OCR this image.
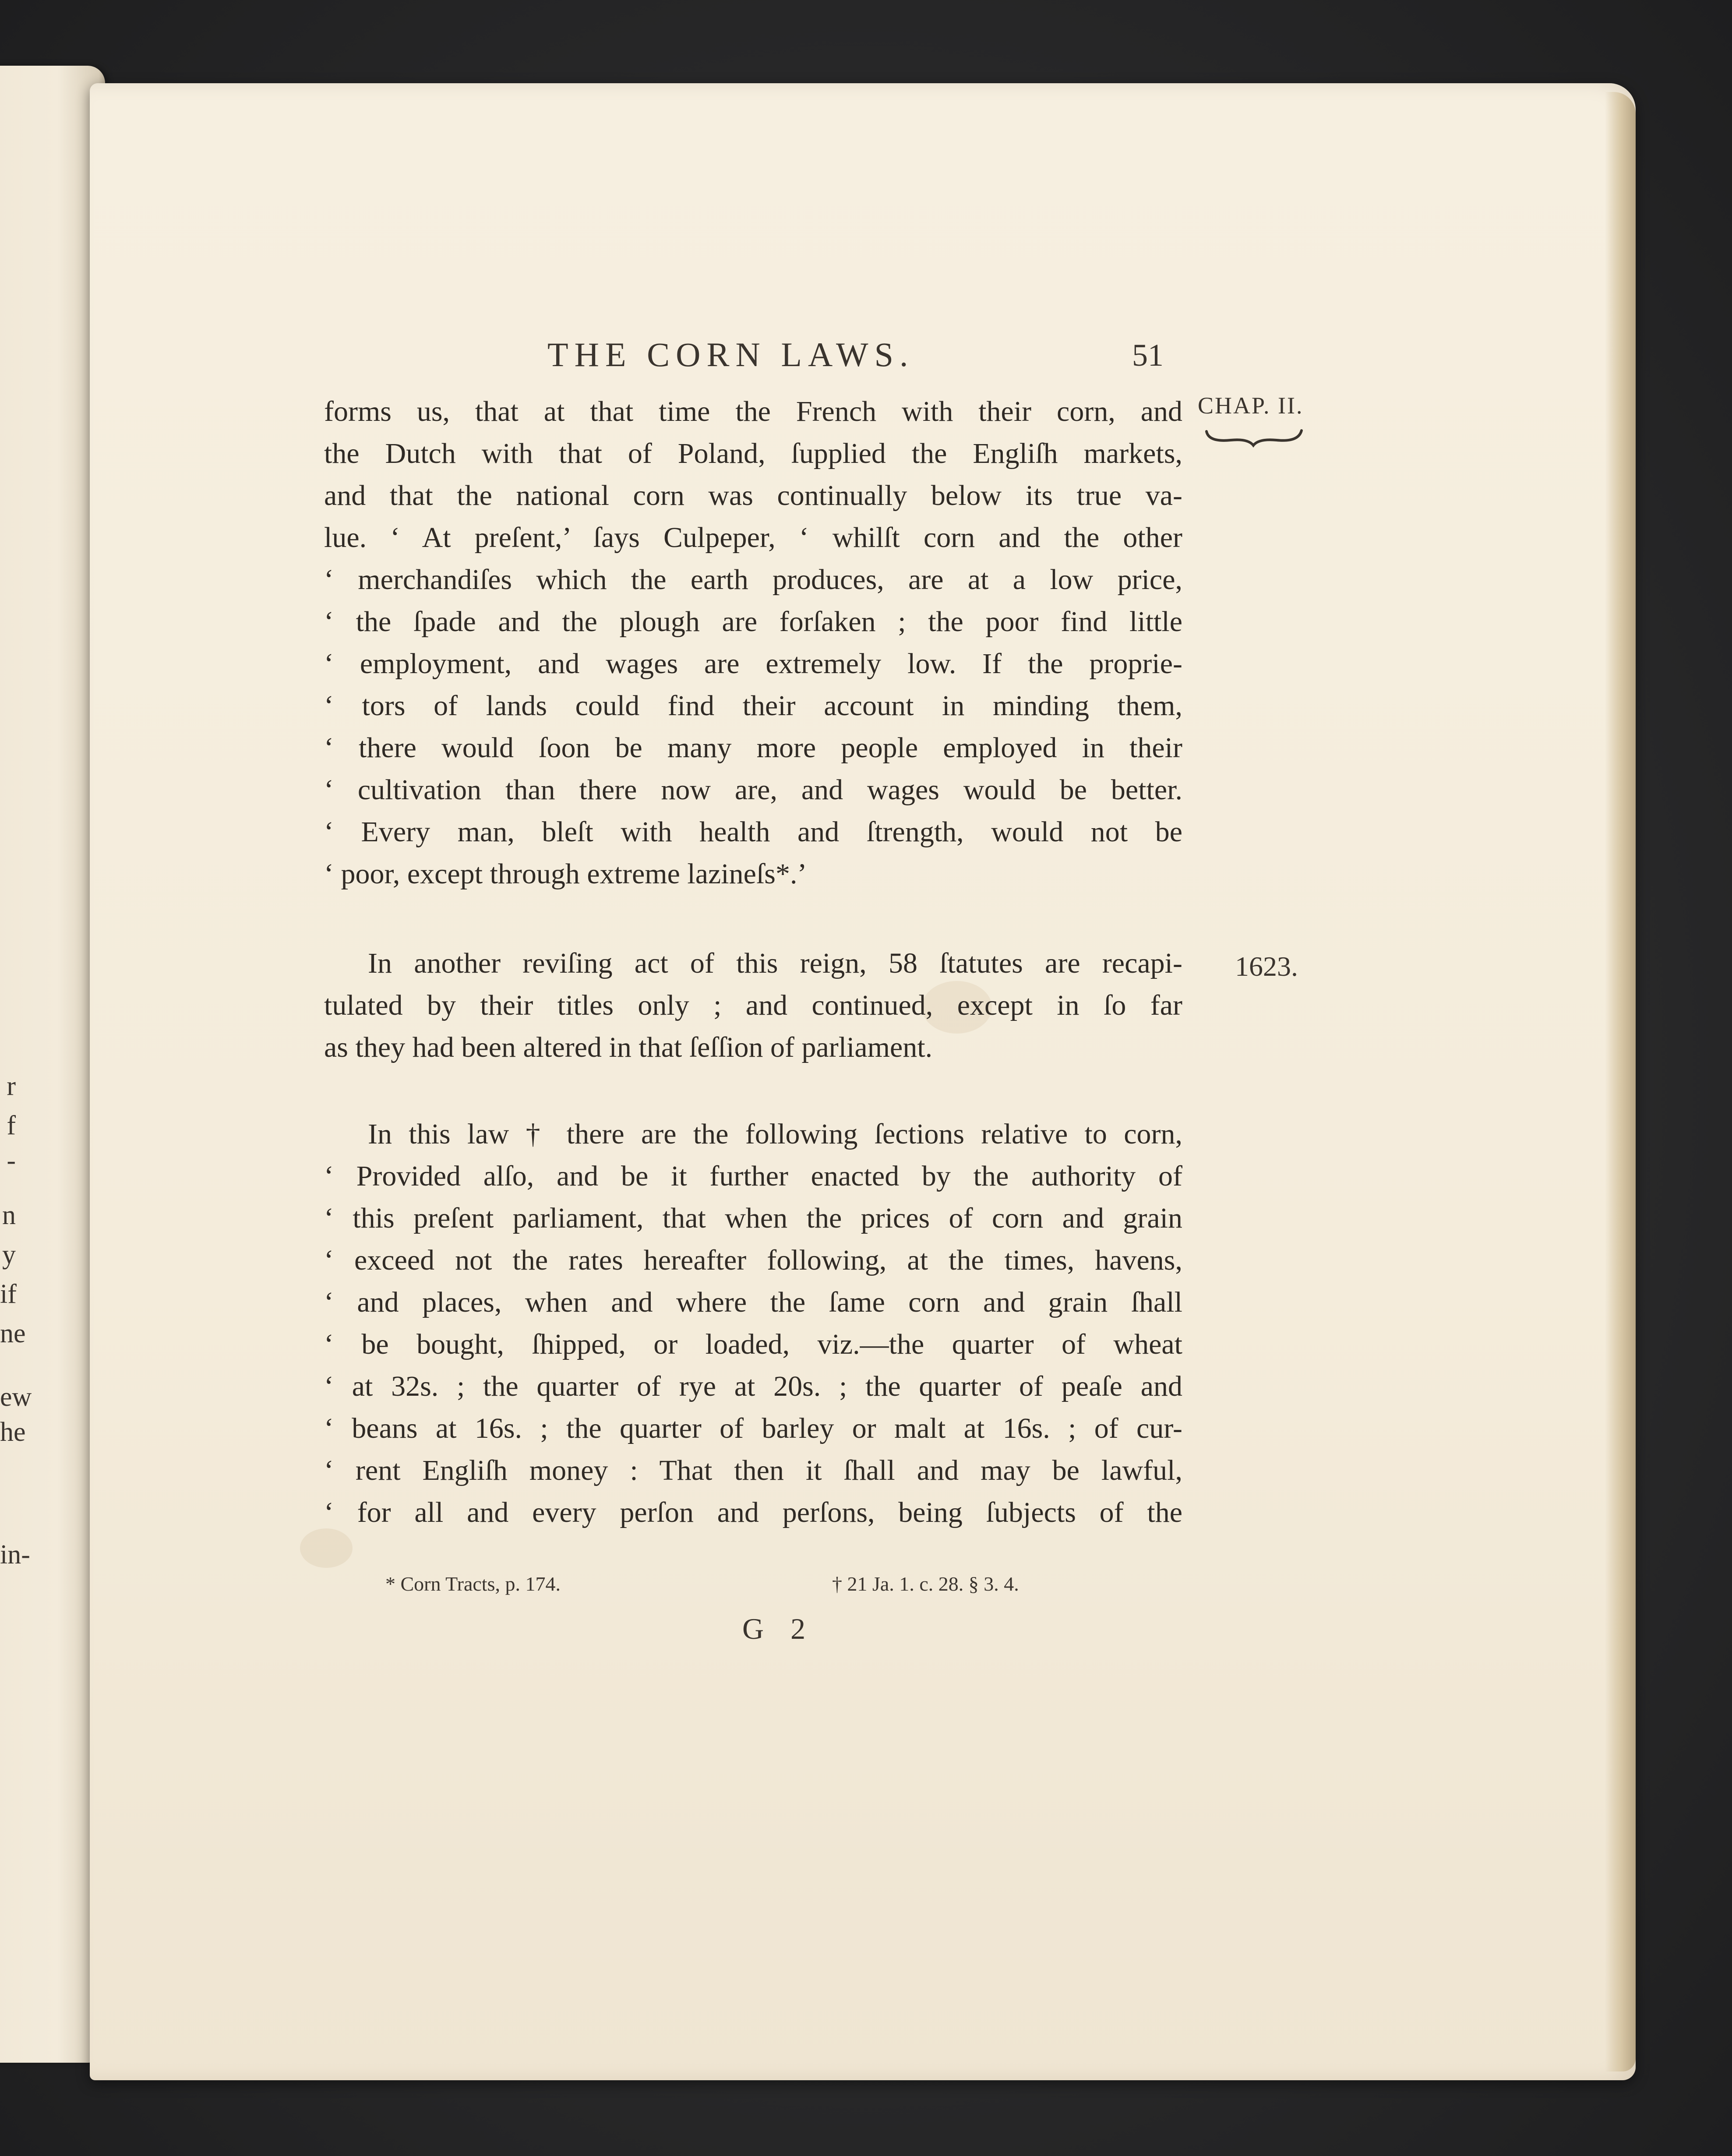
r
f
-
n
y
if
ne
ew
he
in-
THE CORN LAWS.	51
CHAP. II.
1623.
forms us, that at that time the French with their corn, and
the Dutch with that of Poland, ſupplied the Engliſh markets,
and that the national corn was continually below its true va-
lue. ‘ At preſent,’ ſays Culpeper, ‘ whilſt corn and the other
‘ merchandiſes which the earth produces, are at a low price,
‘ the ſpade and the plough are forſaken ; the poor find little
‘ employment, and wages are extremely low. If the proprie-
‘ tors of lands could find their account in minding them,
‘ there would ſoon be many more people employed in their
‘ cultivation than there now are, and wages would be better.
‘ Every man, bleſt with health and ſtrength, would not be
‘ poor, except through extreme lazineſs*.’
In another reviſing act of this reign, 58 ſtatutes are recapi-
tulated by their titles only ; and continued, except in ſo far
as they had been altered in that ſeſſion of parliament.
In this law † there are the following ſections relative to corn,
‘ Provided alſo, and be it further enacted by the authority of
‘ this preſent parliament, that when the prices of corn and grain
‘ exceed not the rates hereafter following, at the times, havens,
‘ and places, when and where the ſame corn and grain ſhall
‘ be bought, ſhipped, or loaded, viz.—the quarter of wheat
‘ at 32s. ; the quarter of rye at 20s. ; the quarter of peaſe and
‘ beans at 16s. ; the quarter of barley or malt at 16s. ; of cur-
‘ rent Engliſh money : That then it ſhall and may be lawful,
‘ for all and every perſon and perſons, being ſubjects of the
* Corn Tracts, p. 174.	† 21 Ja. 1. c. 28. § 3. 4.
G 2
